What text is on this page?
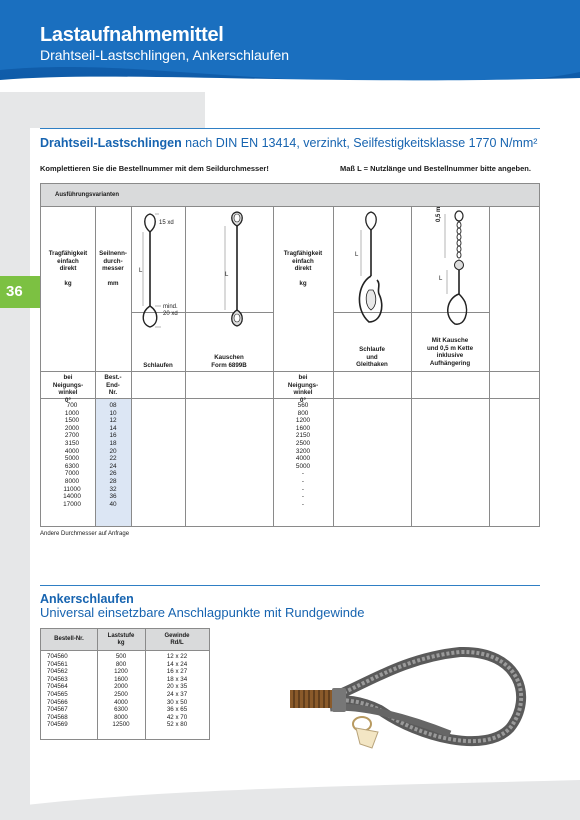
Lastaufnahmemittel
Drahtseil-Lastschlingen, Ankerschlaufen
36
Drahtseil-Lastschlingen nach DIN EN 13414, verzinkt, Seilfestigkeitsklasse 1770 N/mm²
Komplettieren Sie die Bestellnummer mit dem Seildurchmesser!	Maß L = Nutzlänge und Bestellnummer bitte angeben.
Ausführungsvarianten
Tragfähigkeit
einfach
direkt

kg
Seilnenn-
durch-
messer

mm
Tragfähigkeit
einfach
direkt

kg
Schlaufen
Kauschen
Form 6899B
Schlaufe
und
Gleithaken
Mit Kausche
und 0,5 m Kette
inklusive
Aufhängering
15 xd
L
mind.
20 xd
L
L
0,5 m
L
bei
Neigungs-
winkel
0°
Best.-
End-
Nr.
bei
Neigungs-
winkel
0°
700
1000
1500
2000
2700
3150
4000
5000
6300
7000
8000
11000
14000
17000
08
10
12
14
16
18
20
22
24
26
28
32
36
40
560
800
1200
1600
2150
2500
3200
4000
5000
-
-
-
-
-
Andere Durchmesser auf Anfrage
Ankerschlaufen
Universal einsetzbare Anschlagpunkte mit Rundgewinde
Bestell-Nr.	Laststufe
kg
Gewinde
Rd/L
704560
704561
704562
704563
704564
704565
704566
704567
704568
704569
500
800
1200
1600
2000
2500
4000
6300
8000
12500
12 x 22
14 x 24
16 x 27
18 x 34
20 x 35
24 x 37
30 x 50
36 x 65
42 x 70
52 x 80
